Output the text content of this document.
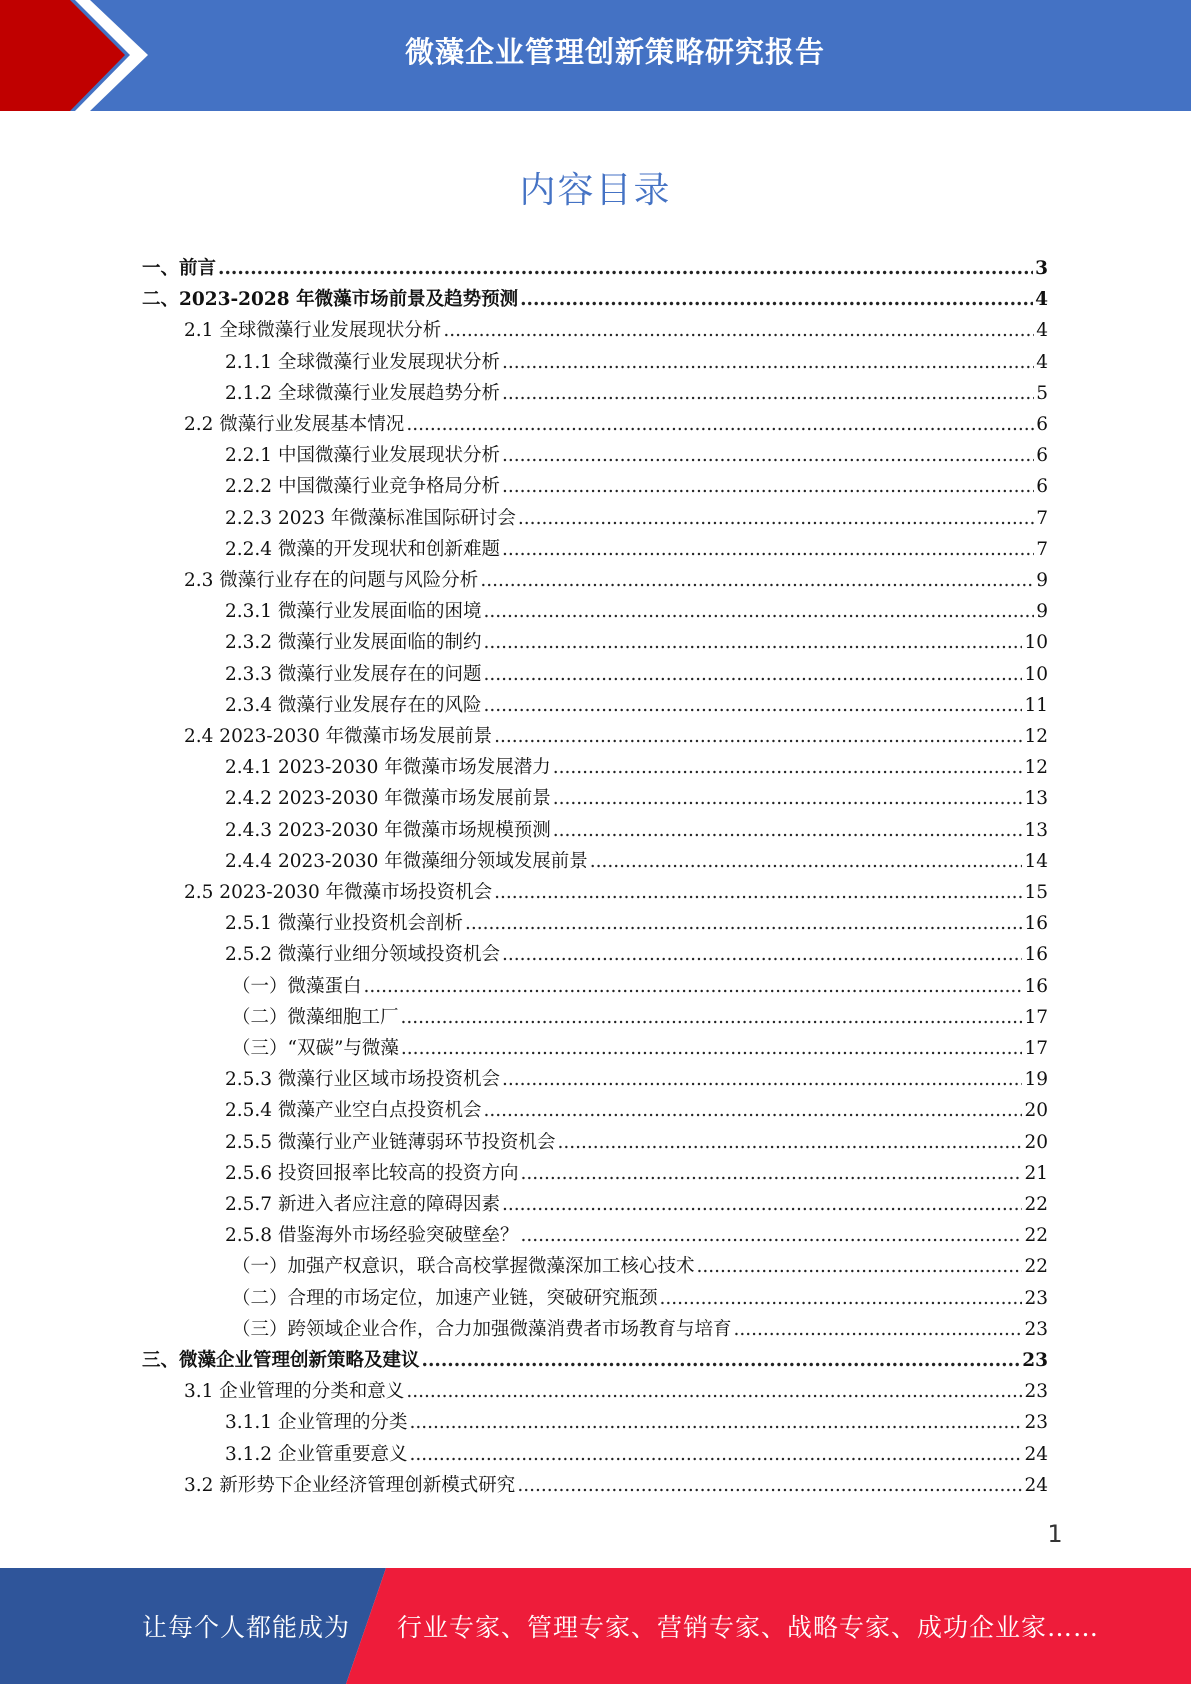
微藻企业管理创新策略研究报告
内容目录
一、前言 .....	3
二、2023-2028 年微藻市场前景及趋势预测 .....	4
2.1 全球微藻行业发展现状分析 .....	4
2.1.1 全球微藻行业发展现状分析 .....	4
2.1.2 全球微藻行业发展趋势分析 .....	5
2.2 微藻行业发展基本情况 .....	6
2.2.1 中国微藻行业发展现状分析 .....	6
2.2.2 中国微藻行业竞争格局分析 .....	6
2.2.3 2023 年微藻标准国际研讨会 .....	7
2.2.4 微藻的开发现状和创新难题 .....	7
2.3 微藻行业存在的问题与风险分析 .....	9
2.3.1 微藻行业发展面临的困境 .....	9
2.3.2 微藻行业发展面临的制约 .....	10
2.3.3 微藻行业发展存在的问题 .....	10
2.3.4 微藻行业发展存在的风险 .....	11
2.4 2023-2030 年微藻市场发展前景 .....	12
2.4.1 2023-2030 年微藻市场发展潜力 .....	12
2.4.2 2023-2030 年微藻市场发展前景 .....	13
2.4.3 2023-2030 年微藻市场规模预测 .....	13
2.4.4 2023-2030 年微藻细分领域发展前景 .....	14
2.5 2023-2030 年微藻市场投资机会 .....	15
2.5.1 微藻行业投资机会剖析 .....	16
2.5.2 微藻行业细分领域投资机会 .....	16
（一）微藻蛋白 .....	16
（二）微藻细胞工厂 .....	17
（三）“双碳”与微藻 .....	17
2.5.3 微藻行业区域市场投资机会 .....	19
2.5.4 微藻产业空白点投资机会 .....	20
2.5.5 微藻行业产业链薄弱环节投资机会 .....	20
2.5.6 投资回报率比较高的投资方向 .....	21
2.5.7 新进入者应注意的障碍因素 .....	22
2.5.8 借鉴海外市场经验突破壁垒？ .....	22
（一）加强产权意识，联合高校掌握微藻深加工核心技术 .....	22
（二）合理的市场定位，加速产业链，突破研究瓶颈 .....	23
（三）跨领域企业合作，合力加强微藻消费者市场教育与培育 .....	23
三、微藻企业管理创新策略及建议 .....	23
3.1 企业管理的分类和意义 .....	23
3.1.1 企业管理的分类 .....	23
3.1.2 企业管重要意义 .....	24
3.2 新形势下企业经济管理创新模式研究 .....	24
1
让每个人都能成为 行业专家、管理专家、营销专家、战略专家、成功企业家……
